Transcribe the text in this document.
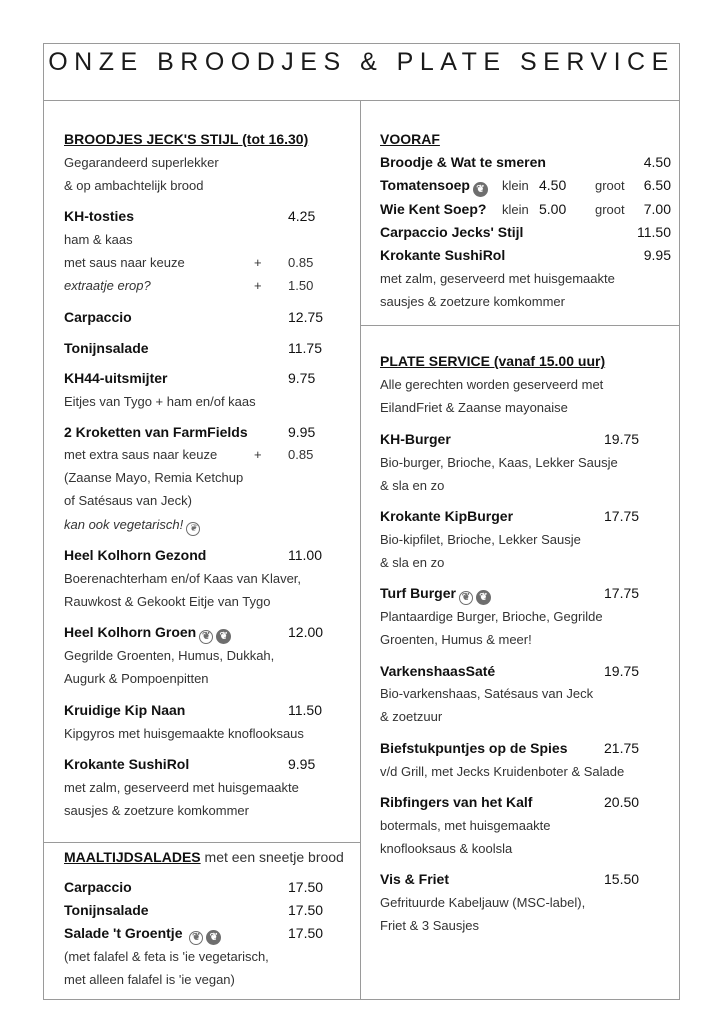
ONZE BROODJES & PLATE SERVICE
BROODJES JECK'S STIJL (tot 16.30)
Gegarandeerd superlekker
& op ambachtelijk brood
KH-tosties	4.25
ham & kaas
met saus naar keuze	+ 0.85
extraatje erop?	+ 1.50
Carpaccio	12.75
Tonijnsalade	11.75
KH44-uitsmijter	9.75
Eitjes van Tygo + ham en/of kaas
2 Kroketten van FarmFields	9.95
met extra saus naar keuze	+ 0.85
(Zaanse Mayo, Remia Ketchup
of Satésaus van Jeck)
kan ook vegetarisch! ❦
Heel Kolhorn Gezond	11.00
Boerenachterham en/of Kaas van Klaver,
Rauwkost & Gekookt Eitje van Tygo
Heel Kolhorn Groen ❦ ❦	12.00
Gegrilde Groenten, Humus, Dukkah,
Augurk & Pompoenpitten
Kruidige Kip Naan	11.50
Kipgyros met huisgemaakte knoflooksaus
Krokante SushiRol	9.95
met zalm, geserveerd met huisgemaakte
sausjes & zoetzure komkommer
MAALTIJDSALADES met een sneetje brood
Carpaccio	17.50
Tonijnsalade	17.50
Salade 't Groentje ❦ ❦	17.50
(met falafel & feta is 'ie vegetarisch,
met alleen falafel is 'ie vegan)
VOORAF
Broodje & Wat te smeren	4.50
Tomatensoep ❦ klein 4.50 groot	6.50
Wie Kent Soep? klein 5.00 groot	7.00
Carpaccio Jecks' Stijl	11.50
Krokante SushiRol	9.95
met zalm, geserveerd met huisgemaakte
sausjes & zoetzure komkommer
PLATE SERVICE (vanaf 15.00 uur)
Alle gerechten worden geserveerd met
EilandFriet & Zaanse mayonaise
KH-Burger	19.75
Bio-burger, Brioche, Kaas, Lekker Sausje
& sla en zo
Krokante KipBurger	17.75
Bio-kipfilet, Brioche, Lekker Sausje
& sla en zo
Turf Burger ❦ ❦	17.75
Plantaardige Burger, Brioche, Gegrilde
Groenten, Humus & meer!
VarkenshaasSaté	19.75
Bio-varkenshaas, Satésaus van Jeck
& zoetzuur
Biefstukpuntjes op de Spies	21.75
v/d Grill, met Jecks Kruidenboter & Salade
Ribfingers van het Kalf	20.50
botermals, met huisgemaakte
knoflooksaus & koolsla
Vis & Friet	15.50
Gefrituurde Kabeljauw (MSC-label),
Friet & 3 Sausjes
